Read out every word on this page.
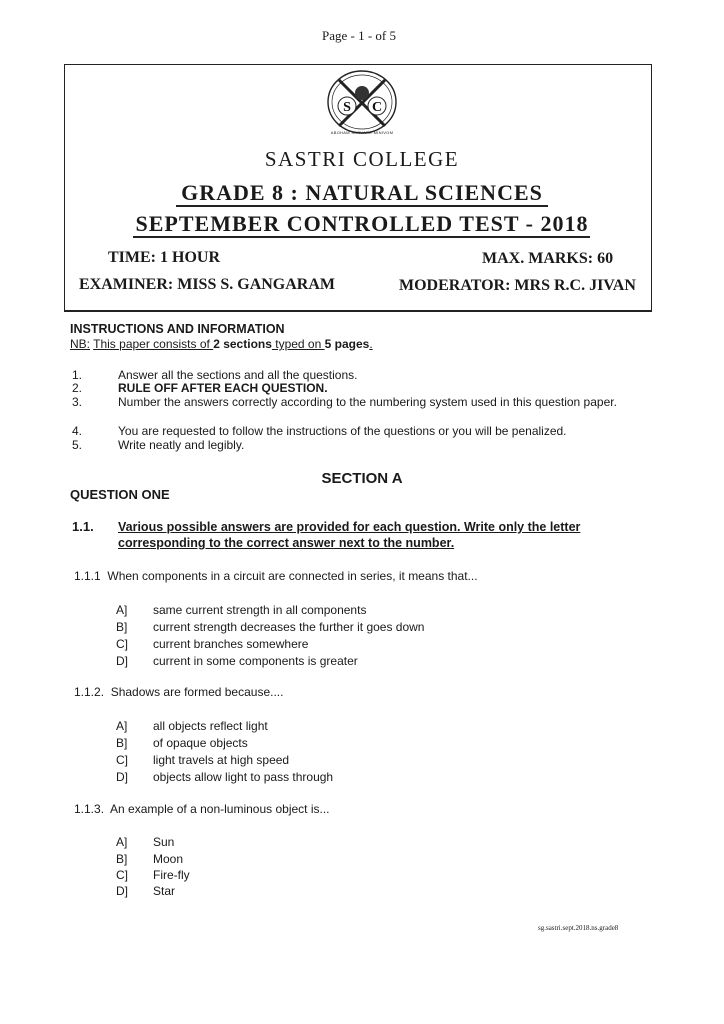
Page - 1 - of 5
S C
ABOHAM SERVARE MINIVOM
SASTRI COLLEGE
GRADE 8 : NATURAL SCIENCES
SEPTEMBER CONTROLLED TEST - 2018
TIME: 1 HOUR	MAX. MARKS: 60
EXAMINER: MISS S. GANGARAM	MODERATOR: MRS R.C. JIVAN
INSTRUCTIONS AND INFORMATION
NB: This paper consists of 2 sections typed on 5 pages.
1.	Answer all the sections and all the questions.
2.	RULE OFF AFTER EACH QUESTION.
3.	Number the answers correctly according to the numbering system used in this question paper.
4.	You are requested to follow the instructions of the questions or you will be penalized.
5.	Write neatly and legibly.
SECTION A
QUESTION ONE
1.1. Various possible answers are provided for each question. Write only the letter corresponding to the correct answer next to the number.
1.1.1 When components in a circuit are connected in series, it means that...
A] same current strength in all components
B] current strength decreases the further it goes down
C] current branches somewhere
D] current in some components is greater
1.1.2. Shadows are formed because....
A] all objects reflect light
B] of opaque objects
C] light travels at high speed
D] objects allow light to pass through
1.1.3. An example of a non-luminous object is...
A] Sun
B] Moon
C] Fire-fly
D] Star
sg.sastri.sept.2018.ns.grade8
